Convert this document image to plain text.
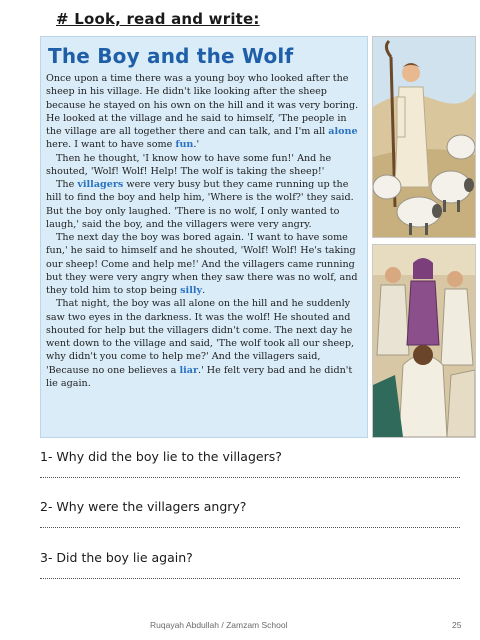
# Look, read and write:
The Boy and the Wolf

Once upon a time there was a young boy who looked after the sheep in his village. He didn't like looking after the sheep because he stayed on his own on the hill and it was very boring. He looked at the village and he said to himself, 'The people in the village are all together there and can talk, and I'm all alone here. I want to have some fun.'

Then he thought, 'I know how to have some fun!' And he shouted, 'Wolf! Wolf! Help! The wolf is taking the sheep!'

The villagers were very busy but they came running up the hill to find the boy and help him, 'Where is the wolf?' they said. But the boy only laughed. 'There is no wolf, I only wanted to laugh,' said the boy, and the villagers were very angry.

The next day the boy was bored again. 'I want to have some fun,' he said to himself and he shouted, 'Wolf! Wolf! He's taking our sheep! Come and help me!' And the villagers came running but they were very angry when they saw there was no wolf, and they told him to stop being silly.

That night, the boy was all alone on the hill and he suddenly saw two eyes in the darkness. It was the wolf! He shouted and shouted for help but the villagers didn't come. The next day he went down to the village and said, 'The wolf took all our sheep, why didn't you come to help me?' And the villagers said, 'Because no one believes a liar.' He felt very bad and he didn't lie again.

1- Why did the boy lie to the villagers?
2- Why were the villagers angry?
3- Did the boy lie again?
Ruqayah Abdullah / Zamzam School	25
